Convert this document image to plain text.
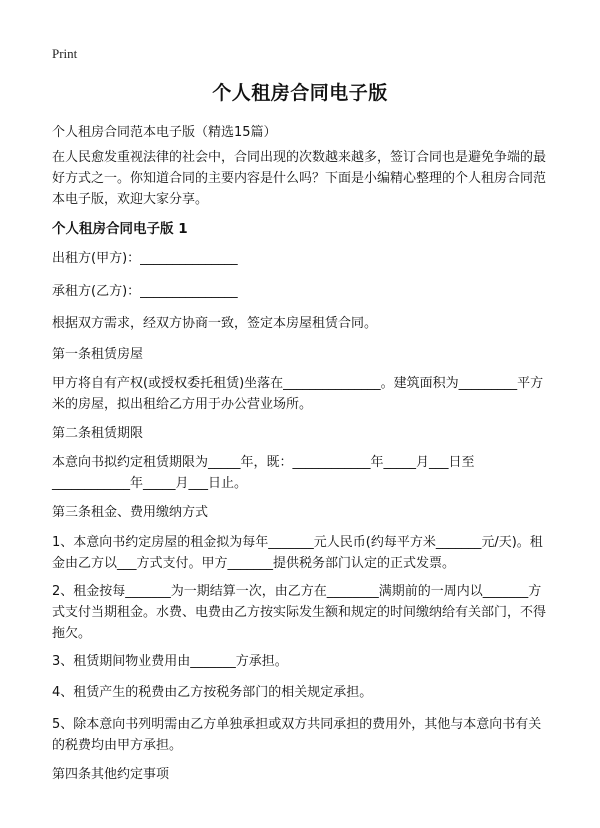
Print
个人租房合同电子版
个人租房合同范本电子版（精选15篇）
在人民愈发重视法律的社会中，合同出现的次数越来越多，签订合同也是避免争端的最好方式之一。你知道合同的主要内容是什么吗？下面是小编精心整理的个人租房合同范本电子版，欢迎大家分享。
个人租房合同电子版 1
出租方(甲方)：_______________
承租方(乙方)：_______________
根据双方需求，经双方协商一致，签定本房屋租赁合同。
第一条租赁房屋
甲方将自有产权(或授权委托租赁)坐落在_______________。建筑面积为_________平方米的房屋，拟出租给乙方用于办公营业场所。
第二条租赁期限
本意向书拟约定租赁期限为_____年，既：____________年_____月___日至____________年_____月___日止。
第三条租金、费用缴纳方式
1、本意向书约定房屋的租金拟为每年_______元人民币(约每平方米_______元/天)。租金由乙方以___方式支付。甲方_______提供税务部门认定的正式发票。
2、租金按每_______为一期结算一次，由乙方在________满期前的一周内以_______方式支付当期租金。水费、电费由乙方按实际发生额和规定的时间缴纳给有关部门，不得拖欠。
3、租赁期间物业费用由_______方承担。
4、租赁产生的税费由乙方按税务部门的相关规定承担。
5、除本意向书列明需由乙方单独承担或双方共同承担的费用外，其他与本意向书有关的税费均由甲方承担。
第四条其他约定事项
